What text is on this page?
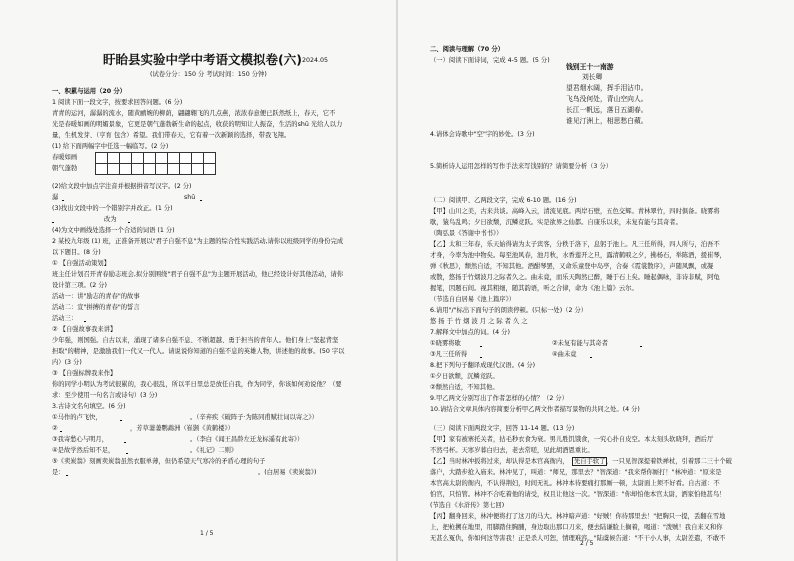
盱眙县实验中学中考语文模拟卷(六) 2024.05
(试卷分分：150 分 考试时间：150 分钟)
一、积累与运用（20 分）
1 阅读下面一段文字，按要求回答问题。(6 分)
青青的运河，潺潺的流水，随黄鹂婉的柳荫，翩翩翱飞的几点燕，浓浓春意便已跃然纸上，春天，它不
光是春暖如画的明媚景象，它更是朝气蓬勃新生命的起点，收获的明知让人振奋，生活的shū 光给人以力
量，生机发芽、（亨育 包含）希望。我们带春天，它有着一次新颖的选择，带我飞翔。
(1) 给下面两幅字中任选一幅临写。(2 分)
春暖如画
朝气蓬勃
(2)给文段中加点字注音并根据拼音写汉字。(2 分)
潺
	shū

(3)找出文段中的一个错别字并改正。(1 分)

改为

(4)为文中画线处选择一个合适的词语 (1 分)
2 某校九年级 (1) 班，正准备开展以"君子自强不息"为主题的综合性实践活动,请你以班级同学的身份完成
以下题目。(8 分)
① 【自强活动策划】
班主任计划召开青春励志班会,拟分别围绕"君子自强不息"为主题开展活动，他已经设计好其他活动，请你
设计第三项。(2 分)
活动一：讲"励志的青春"的故事
活动二：宣"拼搏的青春"的誓言
活动三：

② 【自强故事我来讲】
少年强，则国强。自古以来，涌现了诸多自强不息、不断超越、勇于担当的青年人。他们身上"坚起背坚
担取"的精神，是激励我们一代又一代人。请说说你知道的自强不息的英雄人物，讲述他的故事。(50 字以
内）(3 分)
③ 【自强标牌我来作】
你的同学小明认为考试很累的，我心很乱，所以平日里总是放任自我，作为同学，你该如何劝说他？（要
求：至少使用一句名言或诗句）(3 分)
3.古诗文名句填空。(6 分)
①马作的卢飞快，
	。（辛弃疾《破阵子·为陈同甫赋壮词以寄之》）
②
	，芳草萋萋鹦鹉洲（崔颢《黄鹤楼》）
③我寄愁心与明月，
	。（李白《闻王昌龄左迁龙标遥有此寄》）
④是故学然后知不足，
	。《礼记》二则》
⑤《卖炭翁》刻画卖炭翁虽然衣服单薄，但仍希望天气寒冷的矛盾心理的句子
是：
	。(白居易《卖炭翁》)
1 / 5
二、阅读与理解（70 分）
（一）阅读下面诗词，完成 4-5 题。(5 分)
钱别王十一南游
刘长卿
望君烟水阔，挥手泪沾巾。
飞鸟没何处，青山空向人。
长江一帆远，落日五湖春。
谁见汀洲上，相思愁白蘋。
4.请体会诗歌中"空"字的妙处。(3 分)
5.简析诗人运用怎样的写作手法来写饯别的？请简要分析（3 分）
（二）阅读甲、乙两段文字，完成 6-10 题。(16 分)
【甲】山川之美，古来共谈。高峰入云，清流见底。两岸石壁，五色交辉。青林翠竹，四时俱备。晓雾将
歇，猿鸟乱鸣；夕日欲颓，沉鳞竞跃。实是欲界之仙都。自康乐以来，未复有能与其奇者。
（陶弘景《答谢中书书》）
【乙】太和三年春，乐天始得请为太子宾客，分秩于洛下，息躬于池上。凡三任所得，四人所与，泊吾不
才身，今率为池中物矣。每至池风春，池月秋，水香莲开之旦，露清鹤唳之夕，拂杨石，举陈酒，援崔琴，
弹《秋思》，颓然自适，不知其他。酒酣琴罢，又命乐童登中岛亭，合奏《霓裳散序》，声随风飘，或凝
或散，悠扬于竹烟波月之际者久之。曲未竟，而乐天陶然已醉，睡于石上矣。睡起偶咏，非诗非赋，阿龟
握笔，因题石间。视其粗细，随其韵语，听之合律，命为《池上篇》云尔。
（节选自白居易《池上篇序》）
6.请用"/"标出下面句子的朗读停顿。(只标一处)（2 分）
悠 扬 于 竹 烟 波 月 之 际 者 久 之
7.解释文中加点的词。(4 分)
①晓雾将歇
	②未复有能与其奇者

③凡三任所得
	④曲未竟

8.把下列句子翻译成现代汉语。(4 分)
①夕日欲颓，沉鳞竞跃。
②颓然自适，不知其他。
9.甲乙两文分别写出了作者怎样的心情？（2 分）
10.请结合文章具体内容简要分析甲乙两文作者描写景物的共同之处。(4 分)
（三）阅读下面两段文字，回答 11-14 题。(13 分)
【甲】家有被寨托关者，拈毛秒衣食为衰。男儿胜饥饿食，一究心扑自皮空。本太刻头软晓拜，酒后厅
不然弓杯。天寒岁暮白归去，老去常嗟，见此胡酒恩重比。
【乙】当时林冲扳将过来，却认得是本官高衙内， 先自手软了 ，一只见智深提着铁禅杖，引着那二三十个破
落户，大踏步抢入庙来。林冲见了，叫道："师兄，那里去？"智深道："我来帮你厮打！"林冲道："原来是
本官高太尉的衙内，不认得荆妇，时间无礼。林冲本待要痛打那厮一顿，太尉面上须不好看。自古道：不
怕官，只怕管。林冲不合吃着他的请受，权且让他这一次。"智深道："你却怕他本官太尉，洒家怕他甚鸟！
(节选自《水浒传》第七回)
【丙】翻身回来，林冲便将打了这刀的马大。林冲暗声道："好贼！你待那里去！"把胸只一提，丢翻在雪地
上，把枪搠在地里，用脚踏住胸脯，身边取出那口刀来，便去陆谦脸上搁着，喝道："泼贼！我自来又和你
无甚么冤仇，你如何这等害我！正是杀人可恕，情理难容。"陆虞候告道："不干小人事，太尉差遣，不敢不
2 / 5
